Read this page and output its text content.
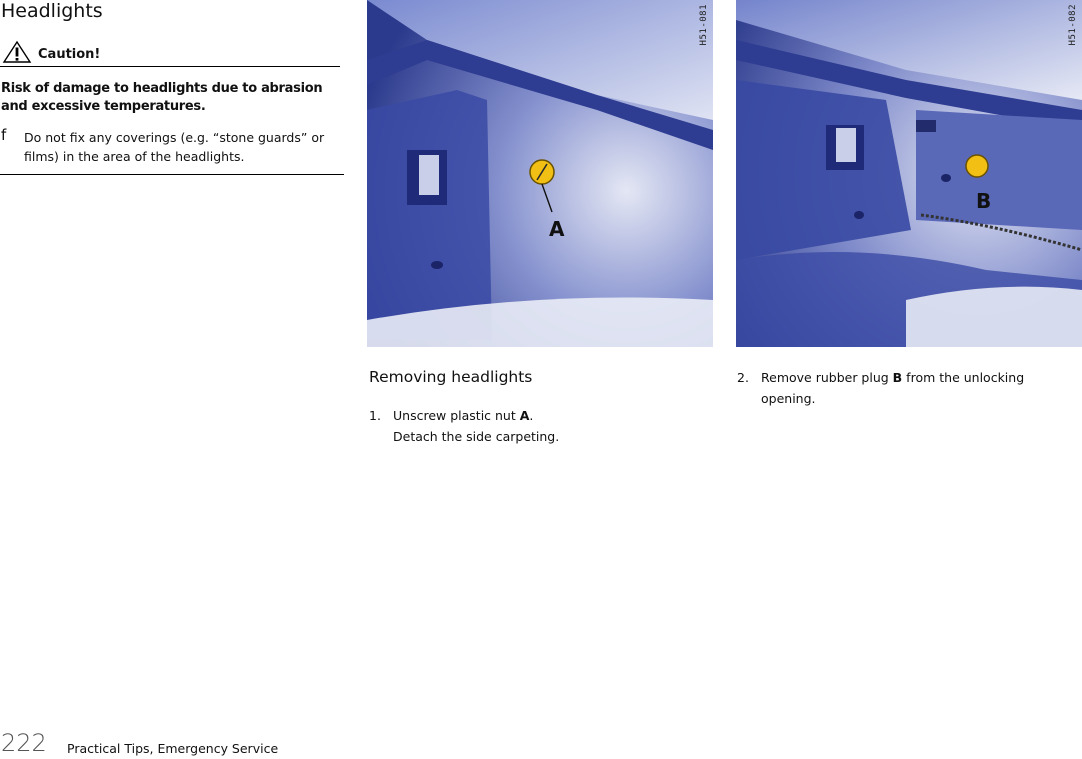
Headlights
Caution!
Risk of damage to headlights due to abrasion and excessive temperatures.
f Do not fix any coverings (e.g. “stone guards” or films) in the area of the headlights.
A
H51-081
B
H51-082
Removing headlights
1. Unscrew plastic nut A.
Detach the side carpeting.
2. Remove rubber plug B from the unlocking
opening.
222 Practical Tips, Emergency Service
